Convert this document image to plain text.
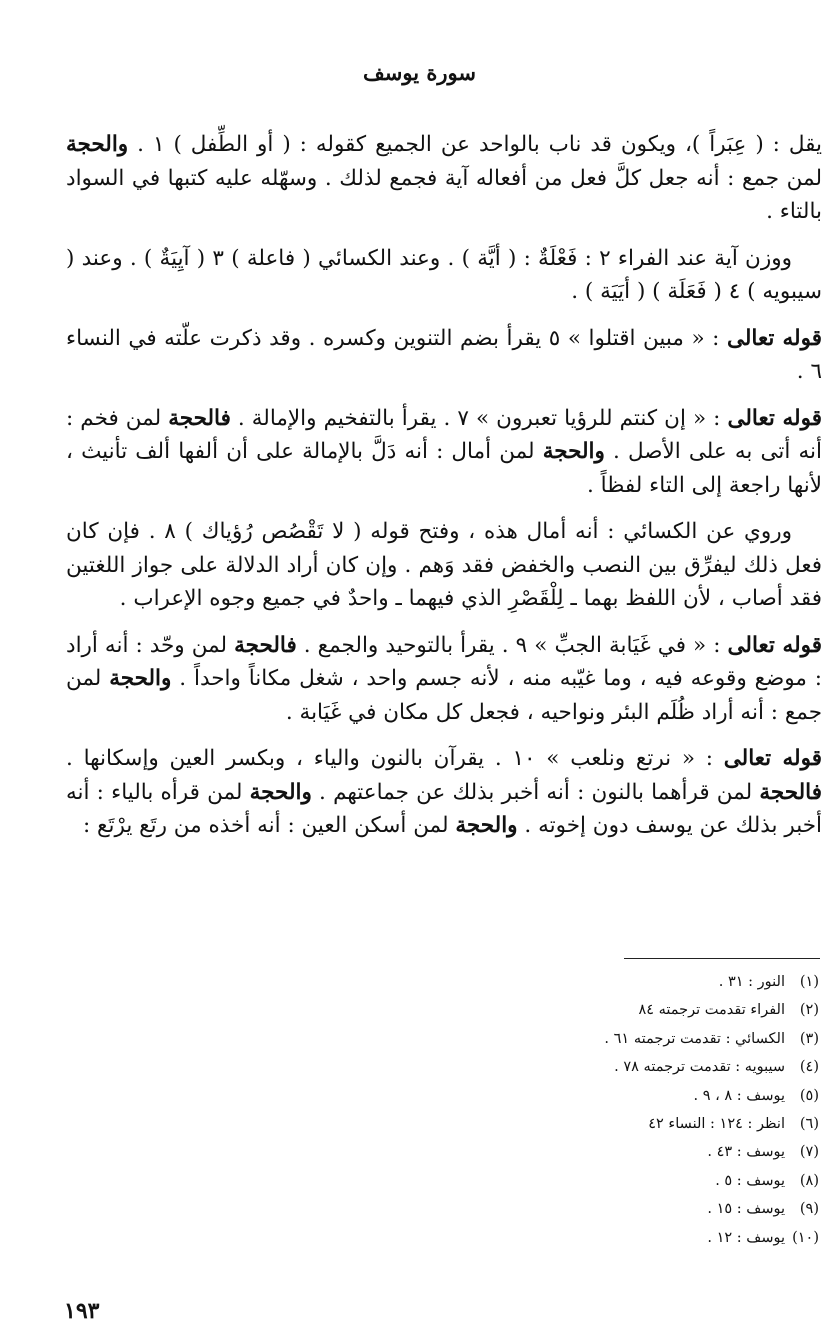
سورة يوسف

يقل : ( عِبَراً )، ويكون قد ناب بالواحد عن الجميع كقوله : ( أو الطِّفل ) ١ . والحجة لمن جمع : أنه جعل كلَّ فعل من أفعاله آية فجمع لذلك . وسهّله عليه كتبها في السواد بالتاء .

ووزن آية عند الفراء ٢ : فَعْلَةٌ : ( أيَّة ) . وعند الكسائي ( فاعلة ) ٣ ( آيِيَةٌ ) . وعند ( سيبويه ) ٤ ( فَعَلَة ) ( أيَيَة ) .

قوله تعالى : « مبين اقتلوا » ٥ يقرأ بضم التنوين وكسره . وقد ذكرت علّته في النساء ٦ .

قوله تعالى : « إن كنتم للرؤيا تعبرون » ٧ . يقرأ بالتفخيم والإمالة . فالحجة لمن فخم : أنه أتى به على الأصل . والحجة لمن أمال : أنه دَلَّ بالإمالة على أن ألفها ألف تأنيث ، لأنها راجعة إلى التاء لفظاً .

وروي عن الكسائي : أنه أمال هذه ، وفتح قوله ( لا تَقْصُص رُؤياك ) ٨ . فإن كان فعل ذلك ليفرِّق بين النصب والخفض فقد وَهم . وإن كان أراد الدلالة على جواز اللغتين فقد أصاب ، لأن اللفظ بهما ـ لِلْقَصْرِ الذي فيهما ـ واحدٌ في جميع وجوه الإعراب .

قوله تعالى : « في غَيَابة الجبِّ » ٩ . يقرأ بالتوحيد والجمع . فالحجة لمن وحّد : أنه أراد : موضع وقوعه فيه ، وما غيّبه منه ، لأنه جسم واحد ، شغل مكاناً واحداً . والحجة لمن جمع : أنه أراد ظُلَم البئر ونواحيه ، فجعل كل مكان في غَيَابة .

قوله تعالى : « نرتع ونلعب » ١٠ . يقرآن بالنون والياء ، وبكسر العين وإسكانها . فالحجة لمن قرأهما بالنون : أنه أخبر بذلك عن جماعتهم . والحجة لمن قرأه بالياء : أنه أخبر بذلك عن يوسف دون إخوته . والحجة لمن أسكن العين : أنه أخذه من رتَع يرْتَع :

(١)النور : ٣١ .
(٢)الفراء تقدمت ترجمته ٨٤
(٣)الكسائي : تقدمت ترجمته ٦١ .
(٤)سيبويه : تقدمت ترجمته ٧٨ .
(٥)يوسف : ٨ ، ٩ .
(٦)انظر : ١٢٤ : النساء ٤٢
(٧)يوسف : ٤٣ .
(٨)يوسف : ٥ .
(٩)يوسف : ١٥ .
(١٠)يوسف : ١٢ .
١٩٣
